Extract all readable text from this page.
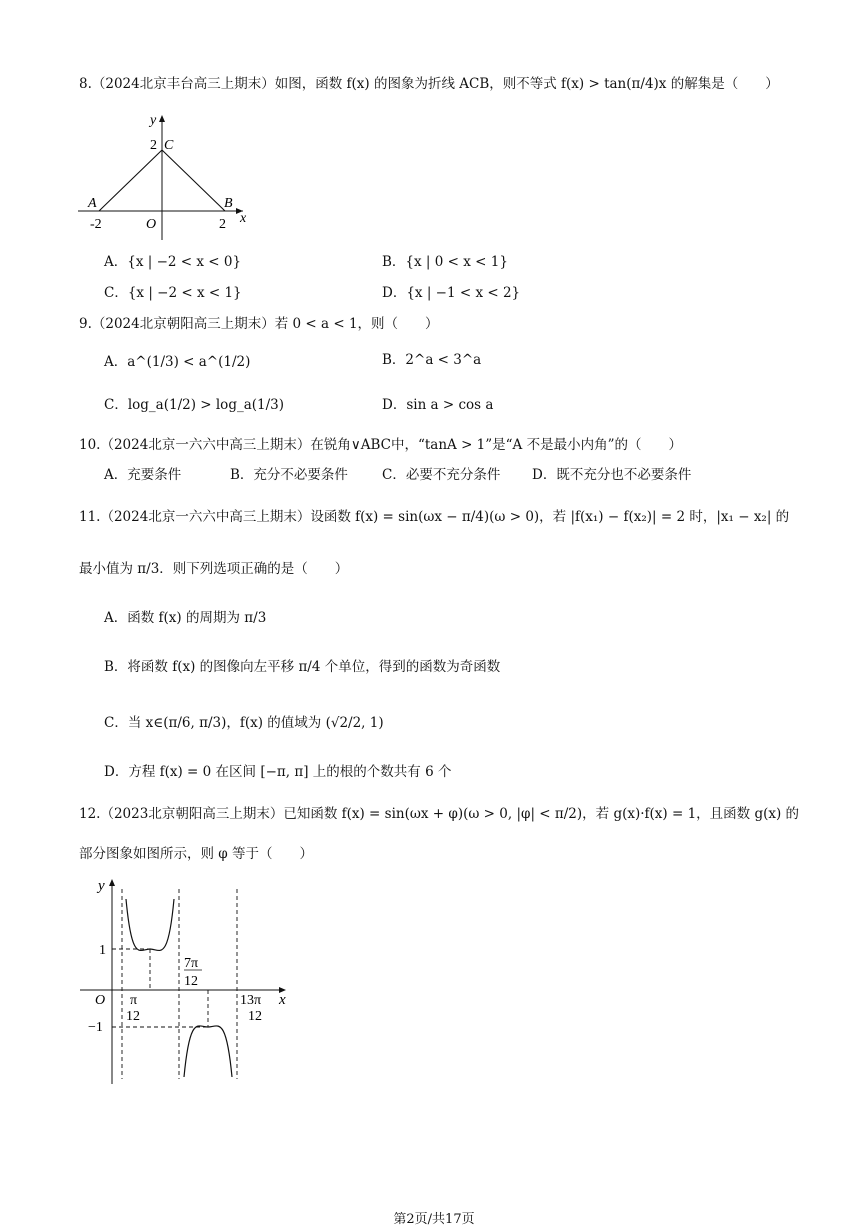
8.（2024北京丰台高三上期末）如图，函数 f(x) 的图象为折线 ACB，则不等式 f(x) > tan(π/4)x 的解集是（　　）
y
x
2 C
A	B
-2	O	2
A．{x | −2 < x < 0}	B．{x | 0 < x < 1}
C．{x | −2 < x < 1}	D．{x | −1 < x < 2}
9.（2024北京朝阳高三上期末）若 0 < a < 1，则（　　）
A．a^(1/3) < a^(1/2)	B．2^a < 3^a
C．log_a(1/2) > log_a(1/3)	D．sin a > cos a
10.（2024北京一六六中高三上期末）在锐角∨ABC中，“tanA > 1”是“A 不是最小内角”的（　　）
A．充要条件	B．充分不必要条件	C．必要不充分条件 D．既不充分也不必要条件
11.（2024北京一六六中高三上期末）设函数 f(x) = sin(ωx − π/4)(ω > 0)，若 |f(x₁) − f(x₂)| = 2 时，|x₁ − x₂| 的
最小值为 π/3．则下列选项正确的是（　　）
A．函数 f(x) 的周期为 π/3
B．将函数 f(x) 的图像向左平移 π/4 个单位，得到的函数为奇函数
C．当 x∈(π/6, π/3)，f(x) 的值域为 (√2/2, 1)
D．方程 f(x) = 0 在区间 [−π, π] 上的根的个数共有 6 个
12.（2023北京朝阳高三上期末）已知函数 f(x) = sin(ωx + φ)(ω > 0, |φ| < π/2)，若 g(x)·f(x) = 1，且函数 g(x) 的
部分图象如图所示，则 φ 等于（　　）
y
x
O
1
−1
π
12
7π
12
13π
12
第2页/共17页
